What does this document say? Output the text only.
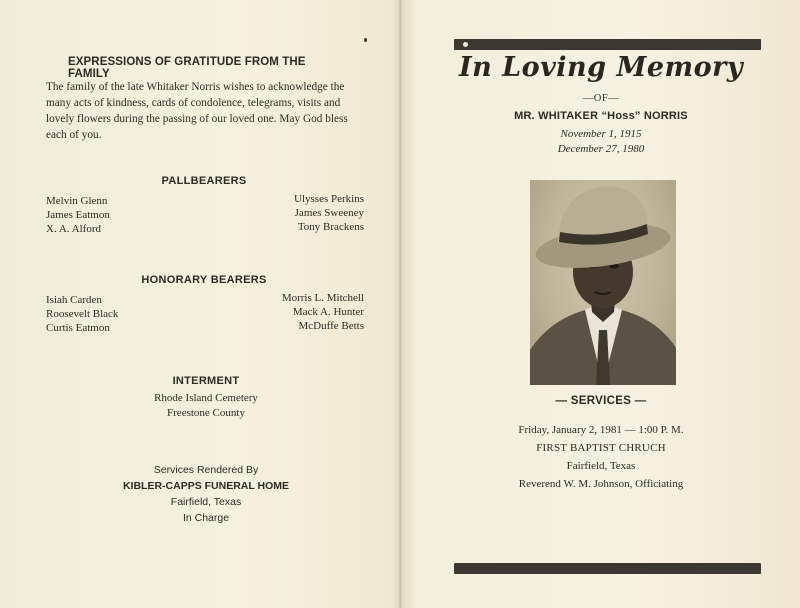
EXPRESSIONS OF GRATITUDE FROM THE FAMILY
The family of the late Whitaker Norris wishes to acknowledge the many acts of kindness, cards of condolence, telegrams, visits and lovely flowers during the passing of our loved one. May God bless each of you.
PALLBEARERS
Melvin Glenn
James Eatmon
X. A. Alford
Ulysses Perkins
James Sweeney
Tony Brackens
HONORARY BEARERS
Isiah Carden
Roosevelt Black
Curtis Eatmon
Morris L. Mitchell
Mack A. Hunter
McDuffe Betts
INTERMENT
Rhode Island Cemetery
Freestone County
Services Rendered By
KIBLER-CAPPS FUNERAL HOME
Fairfield, Texas
In Charge
In Loving Memory
—OF—
MR. WHITAKER “Hoss” NORRIS
November 1, 1915
December 27, 1980
— SERVICES —
Friday, January 2, 1981 — 1:00 P. M.
FIRST BAPTIST CHRUCH
Fairfield, Texas
Reverend W. M. Johnson, Officiating
